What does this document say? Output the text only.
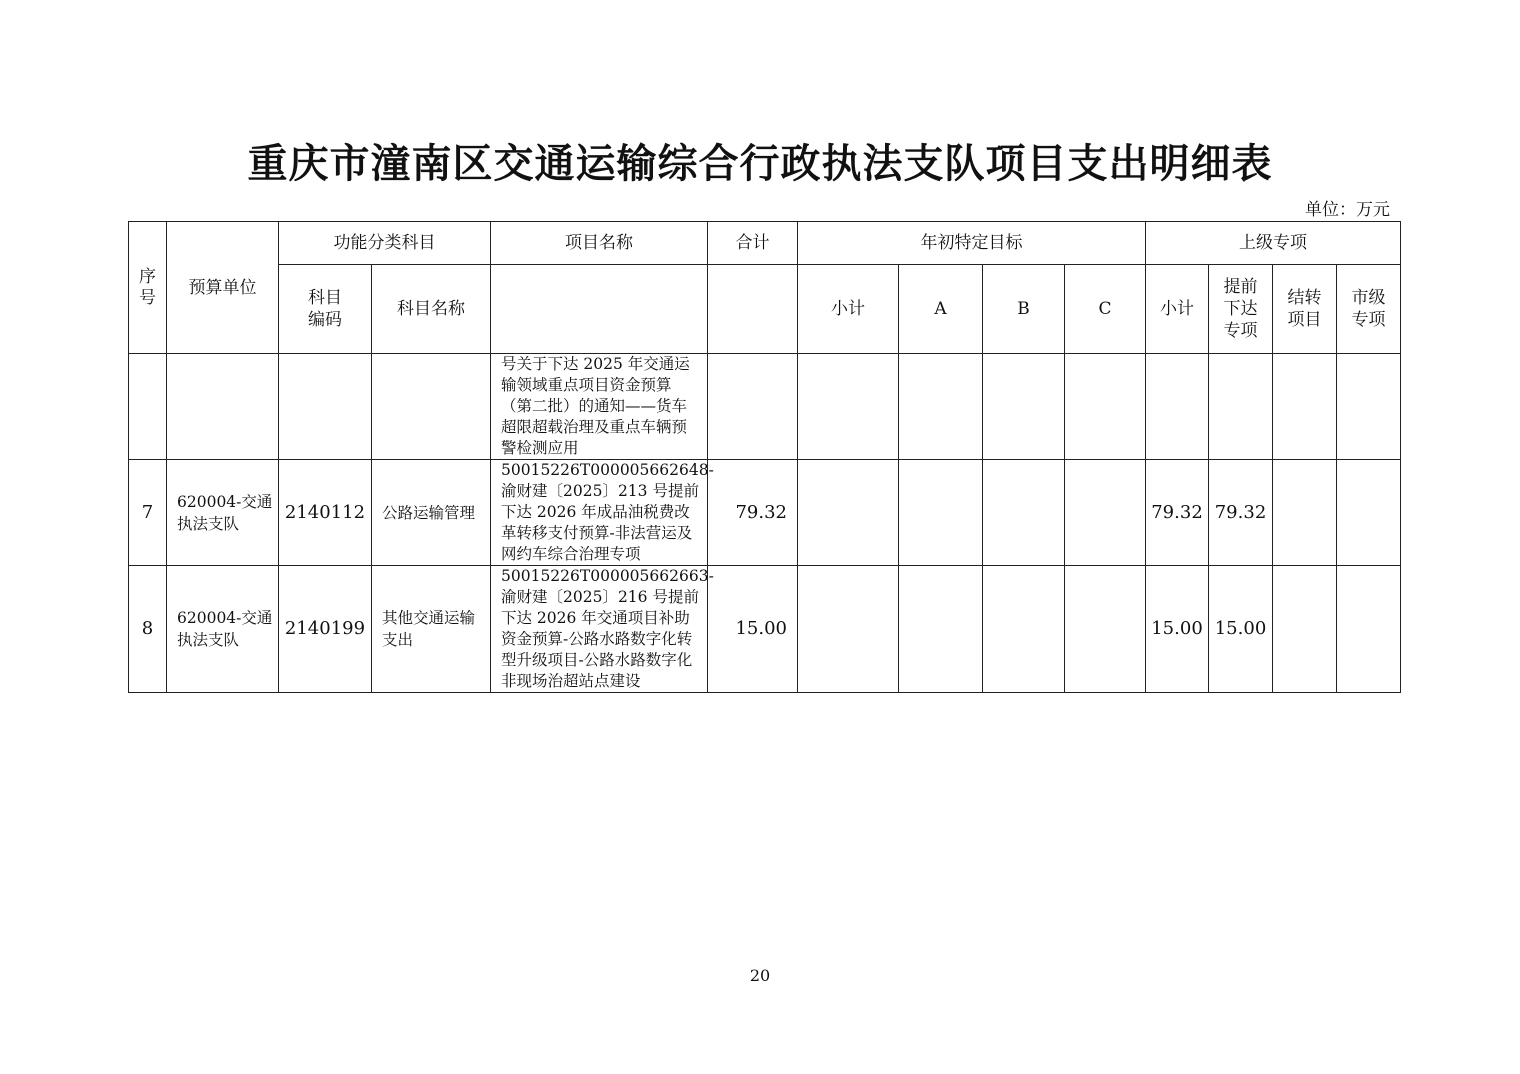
重庆市潼南区交通运输综合行政执法支队项目支出明细表
单位：万元
序号	预算单位	功能分类科目		项目名称	合计	年初特定目标				上级专项			

		科目编码	科目名称			小计	A	B	C	小计	提前下达专项	结转项目	市级专项

				号关于下达 2025 年交通运输领域重点项目资金预算（第二批）的通知——货车超限超载治理及重点车辆预警检测应用									
7	620004-交通执法支队	2140112	公路运输管理	50015226T000005662648-渝财建〔2025〕213 号提前下达 2026 年成品油税费改革转移支付预算-非法营运及网约车综合治理专项	79.32					79.32	79.32		
8	620004-交通执法支队	2140199	其他交通运输支出	50015226T000005662663-渝财建〔2025〕216 号提前下达 2026 年交通项目补助资金预算-公路水路数字化转型升级项目-公路水路数字化非现场治超站点建设	15.00					15.00	15.00		
20
